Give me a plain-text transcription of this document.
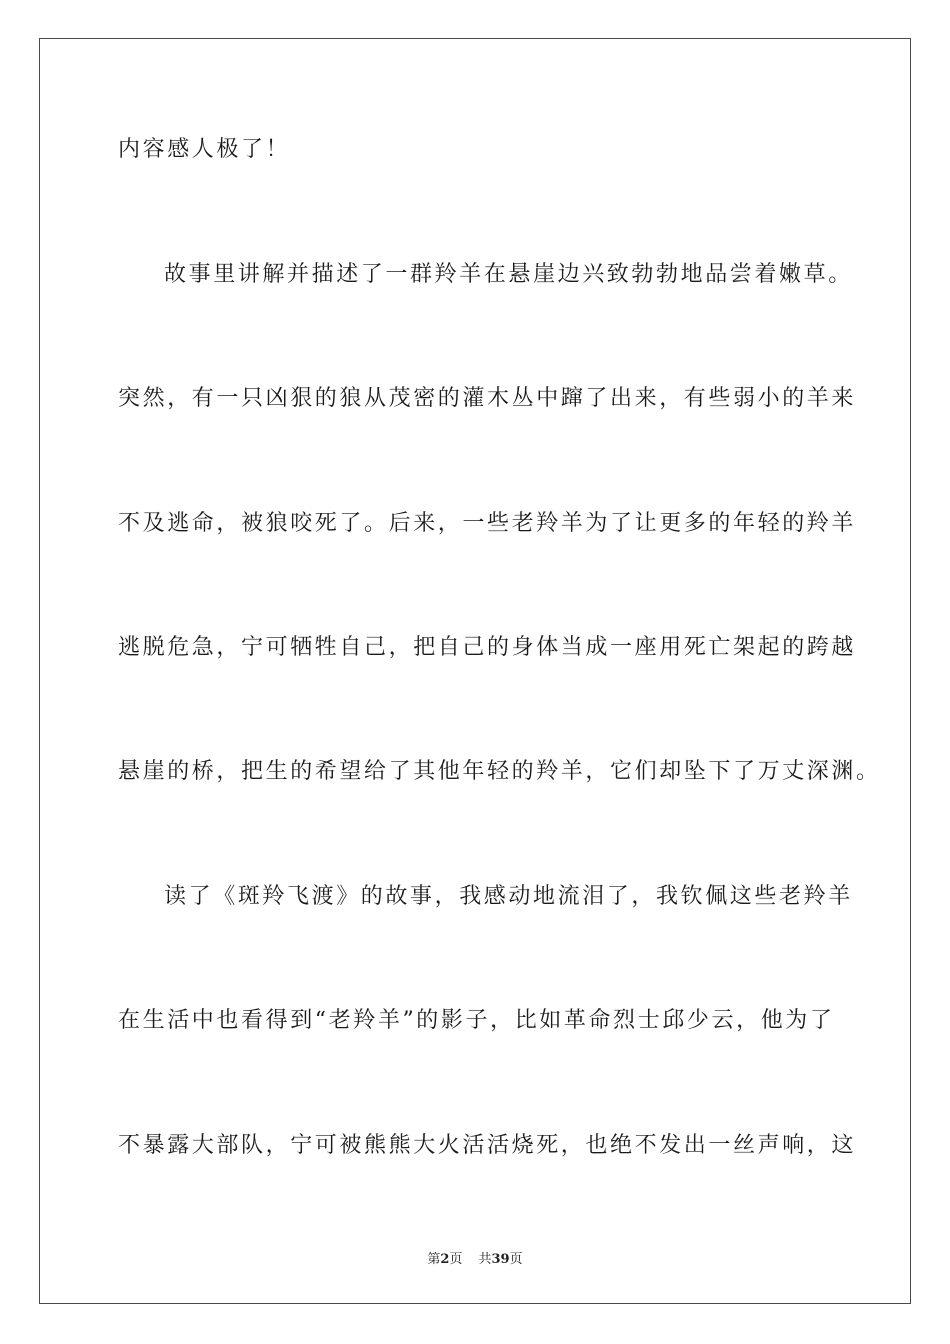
内容感人极了！
故事里讲解并描述了一群羚羊在悬崖边兴致勃勃地品尝着嫩草。
突然，有一只凶狠的狼从茂密的灌木丛中蹿了出来，有些弱小的羊来
不及逃命，被狼咬死了。后来，一些老羚羊为了让更多的年轻的羚羊
逃脱危急，宁可牺牲自己，把自己的身体当成一座用死亡架起的跨越
悬崖的桥，把生的希望给了其他年轻的羚羊，它们却坠下了万丈深渊。
读了《斑羚飞渡》的故事，我感动地流泪了，我钦佩这些老羚羊
在生活中也看得到“老羚羊”的影子，比如革命烈士邱少云，他为了
不暴露大部队，宁可被熊熊大火活活烧死，也绝不发出一丝声响，这
第2页 共39页
